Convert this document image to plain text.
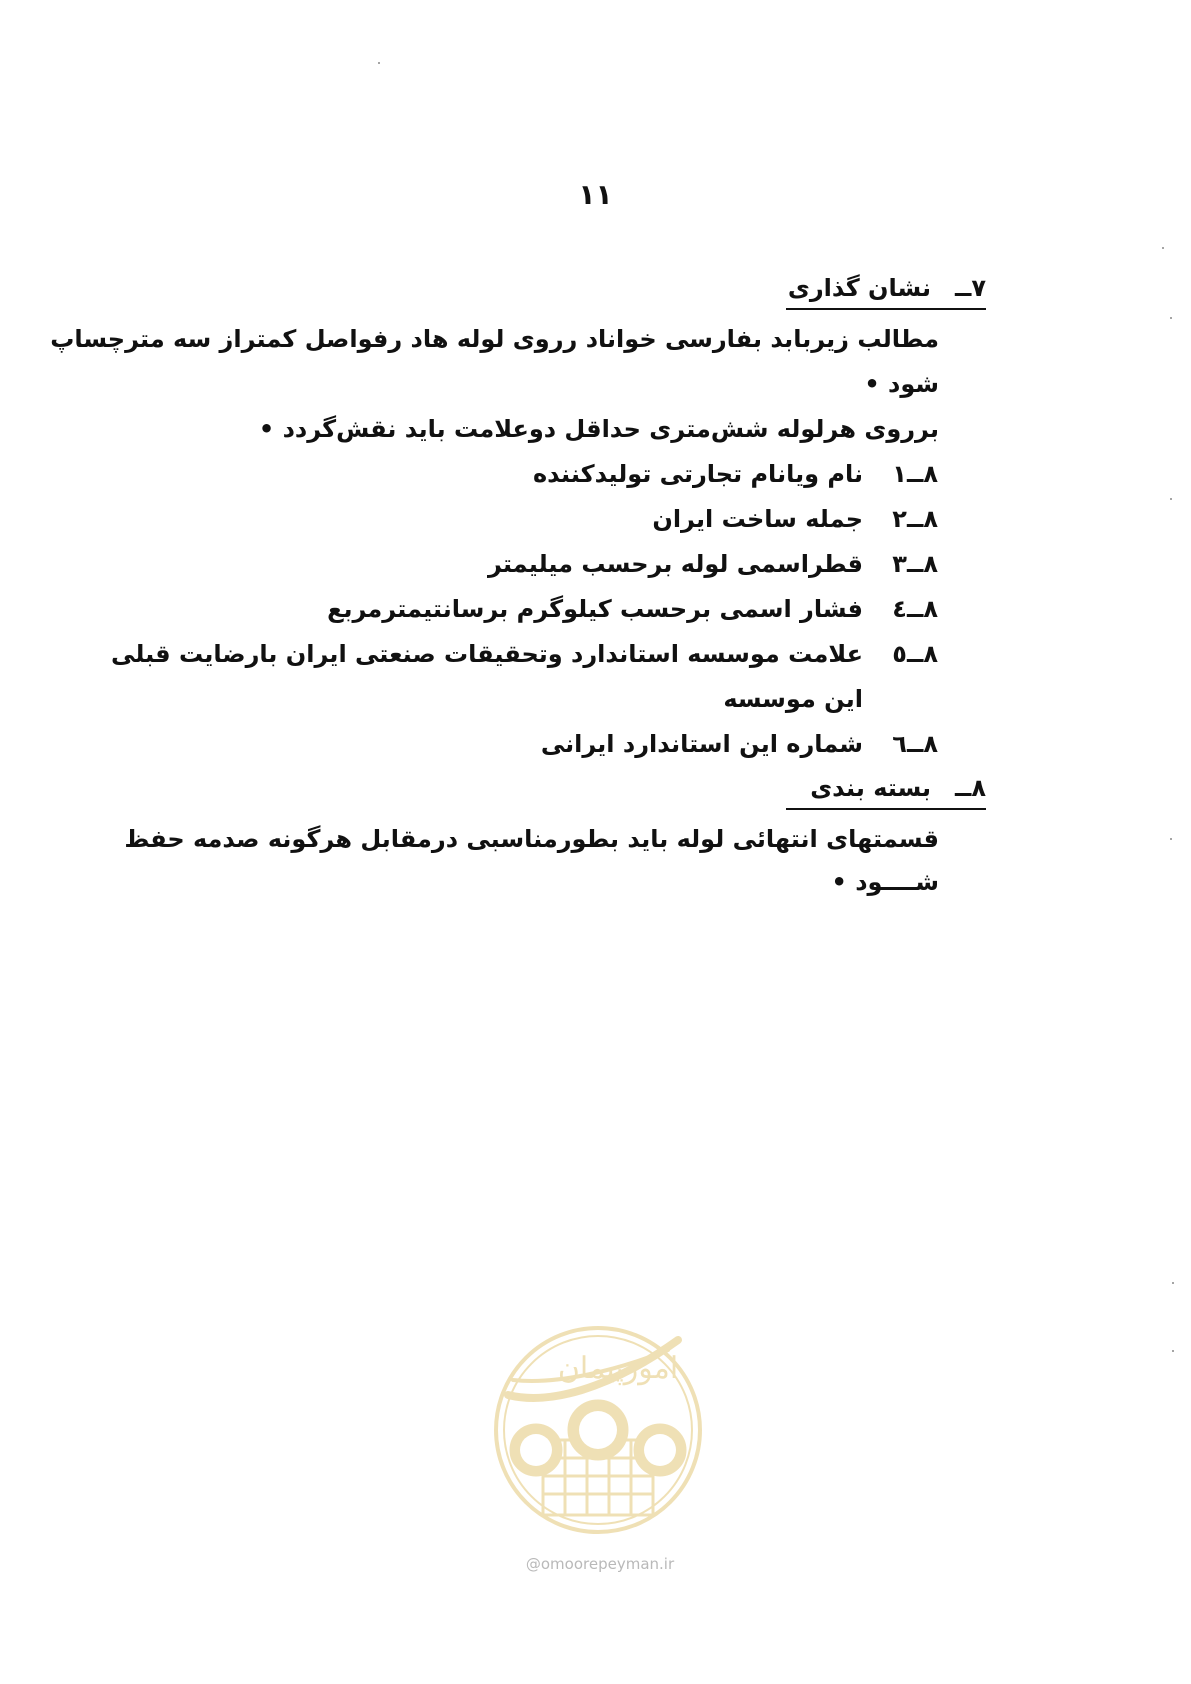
۱۱
۷ــنشان گذاری
مطالب زیربابد بفارسی خواناد رروی لوله هاد رفواصل کمتراز سه مترچساپ
شود •
برروی هرلوله شش‌متری حداقل دوعلامت باید نقش‌گردد •
۸ــ۱نام ویانام تجارتی تولیدکننده
۸ــ۲جمله ساخت ایران
۸ــ۳قطراسمی لوله برحسب میلیمتر
۸ــ٤فشار اسمی برحسب کیلوگرم برسانتیمترمربع
۸ــ٥علامت موسسه استاندارد وتحقیقات صنعتی ایران بارضایت قبلی
این موسسه
۸ــ٦شماره این استاندارد ایرانی
۸ــبسته بندی
قسمتهای انتهائی لوله باید بطورمناسبی درمقابل هرگونه صدمه حفظ
شــــود •
امورپیمان
@omoorepeyman.ir
